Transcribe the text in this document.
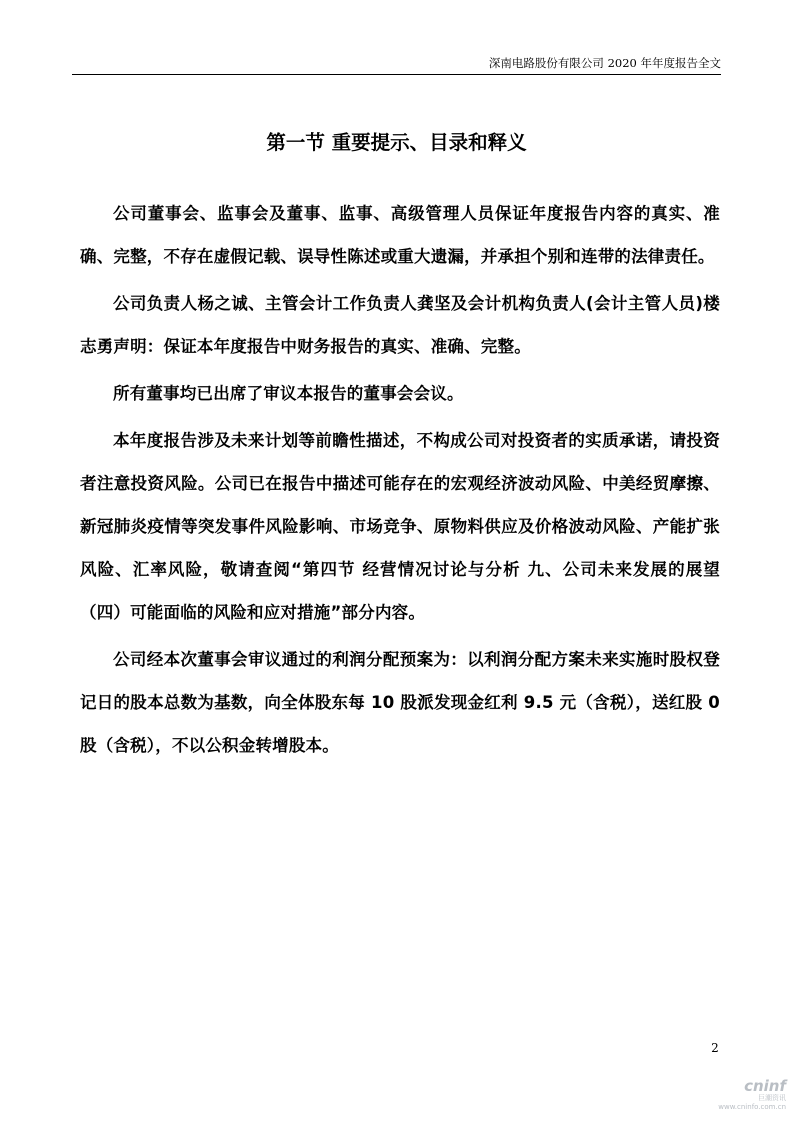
深南电路股份有限公司 2020 年年度报告全文
第一节 重要提示、目录和释义

公司董事会、监事会及董事、监事、高级管理人员保证年度报告内容的真实、准确、完整，不存在虚假记载、误导性陈述或重大遗漏，并承担个别和连带的法律责任。

公司负责人杨之诚、主管会计工作负责人龚坚及会计机构负责人(会计主管人员)楼志勇声明：保证本年度报告中财务报告的真实、准确、完整。

所有董事均已出席了审议本报告的董事会会议。

本年度报告涉及未来计划等前瞻性描述，不构成公司对投资者的实质承诺，请投资者注意投资风险。公司已在报告中描述可能存在的宏观经济波动风险、中美经贸摩擦、新冠肺炎疫情等突发事件风险影响、市场竞争、原物料供应及价格波动风险、产能扩张风险、汇率风险，敬请查阅“第四节 经营情况讨论与分析 九、公司未来发展的展望（四）可能面临的风险和应对措施”部分内容。

公司经本次董事会审议通过的利润分配预案为：以利润分配方案未来实施时股权登记日的股本总数为基数，向全体股东每 10 股派发现金红利 9.5 元（含税），送红股 0 股（含税），不以公积金转增股本。

2
cninf
巨潮资讯
www.cninfo.com.cn
